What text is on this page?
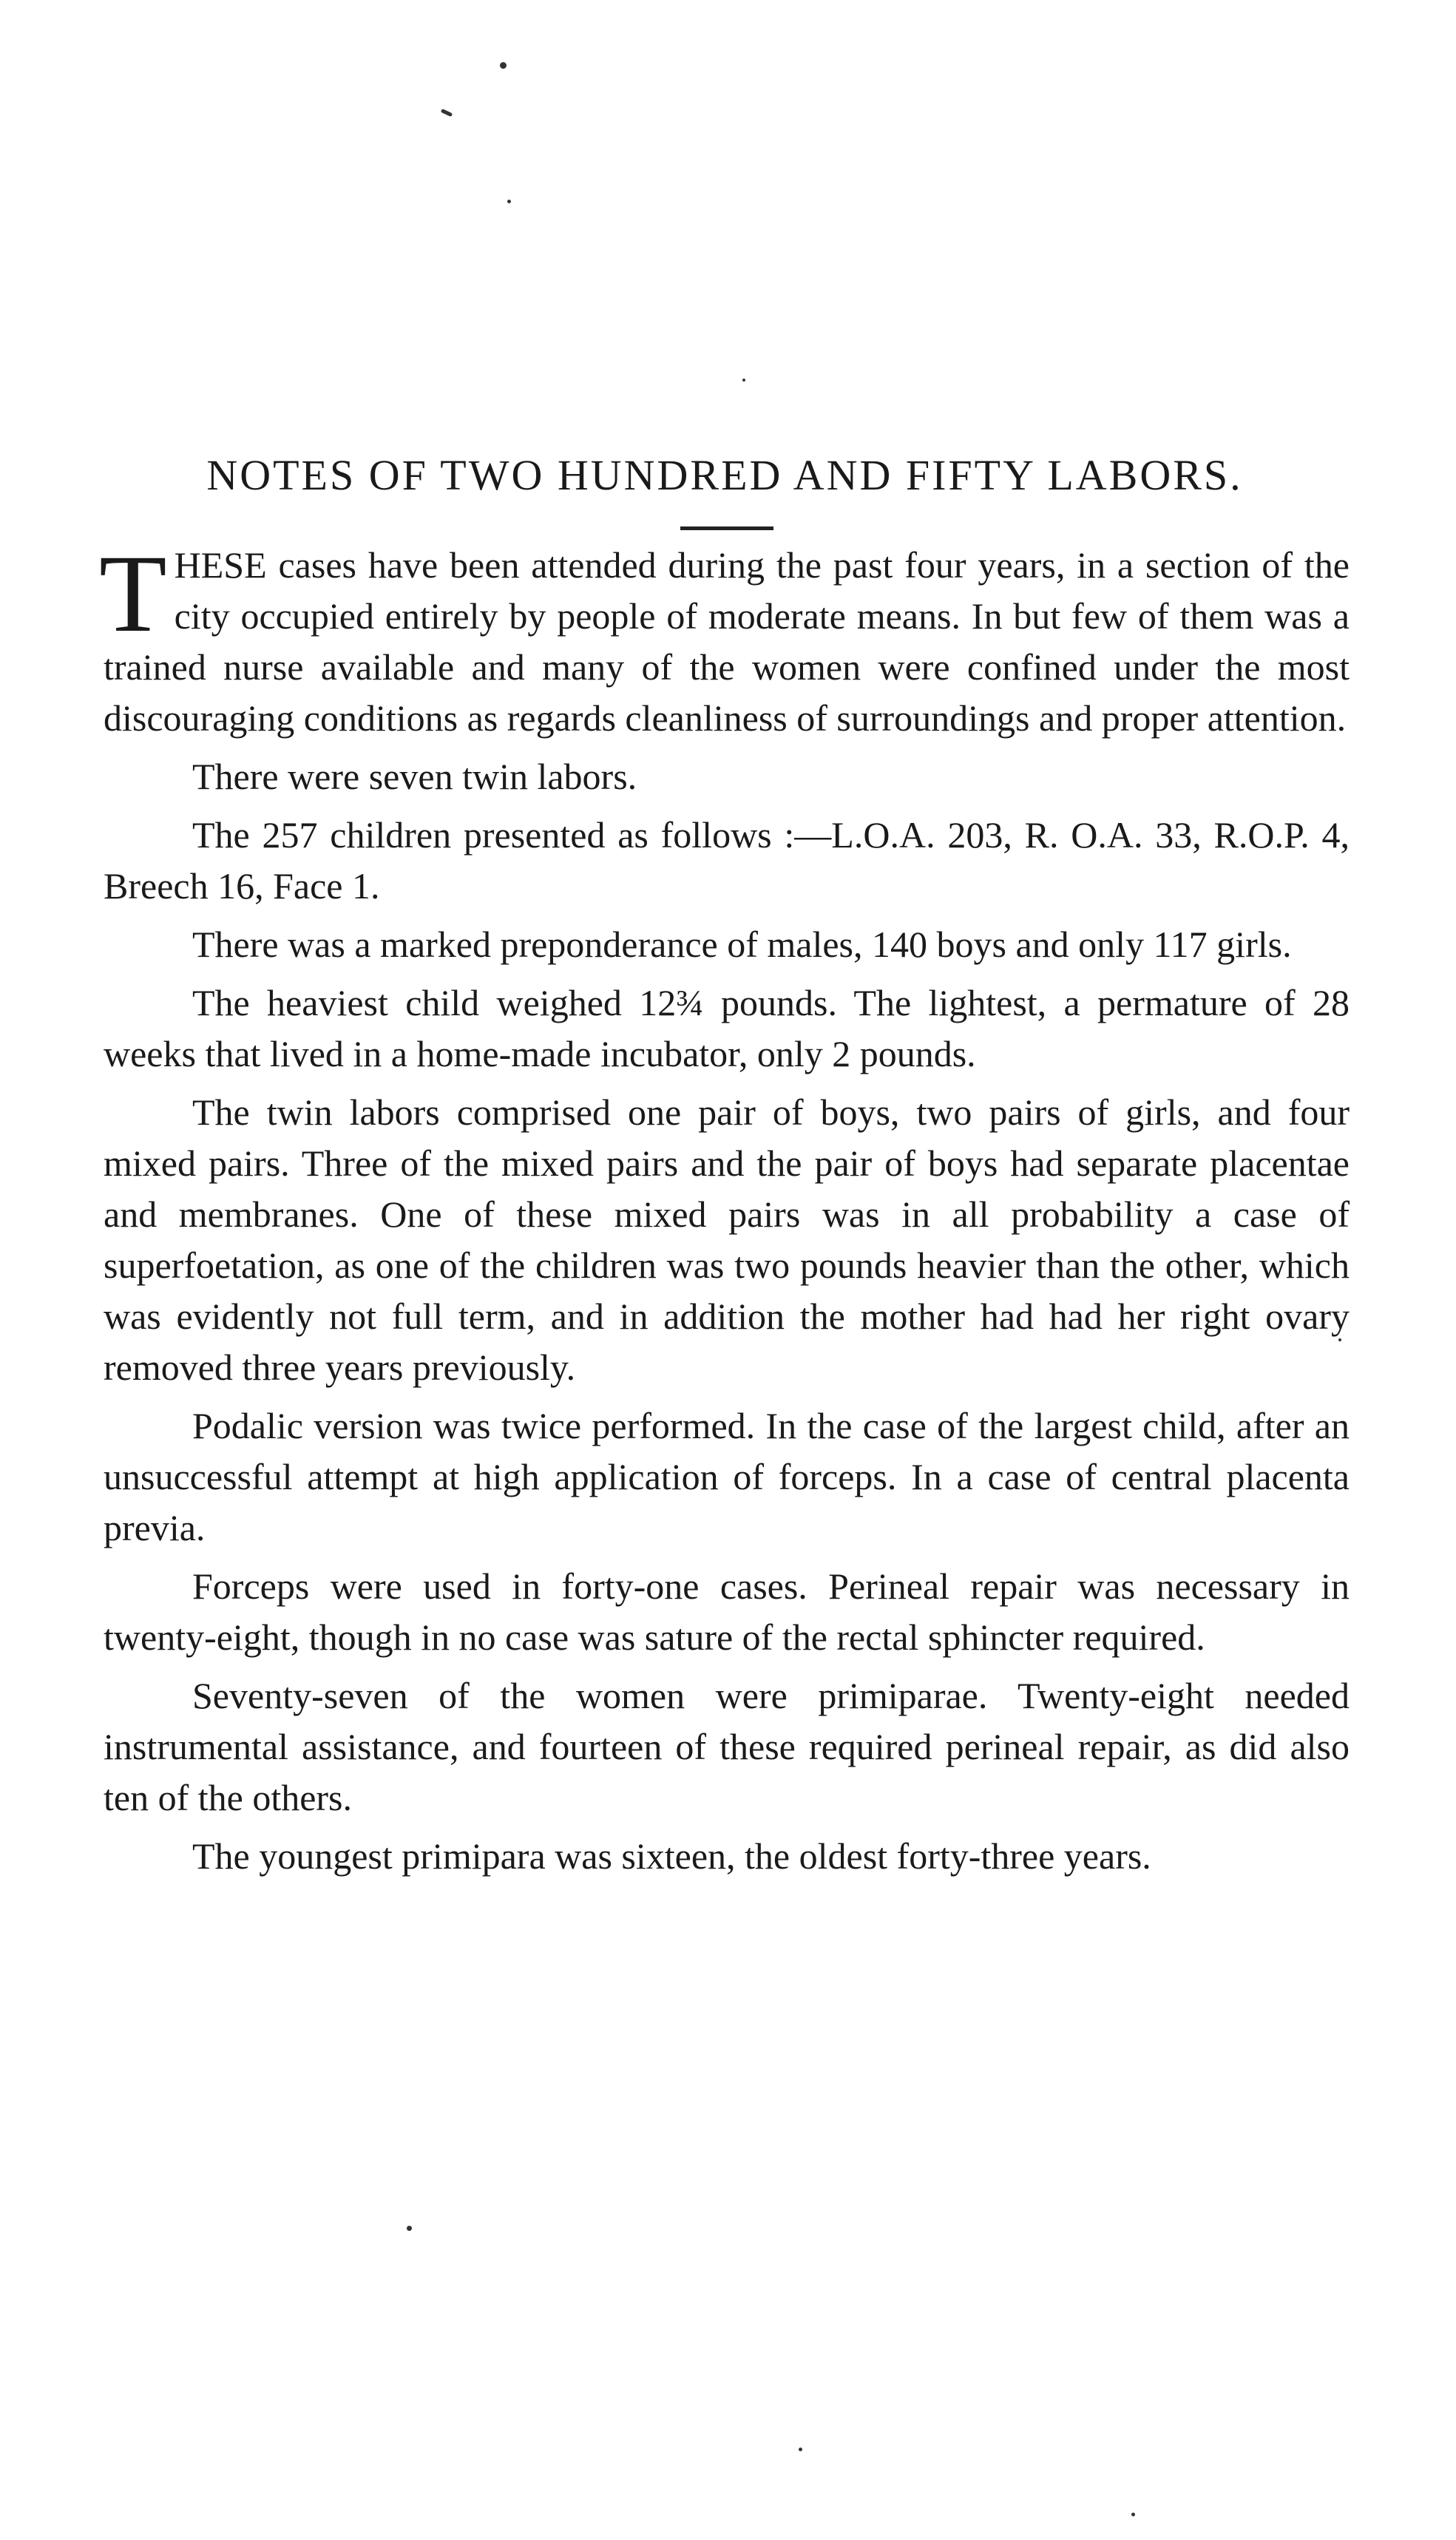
NOTES OF TWO HUNDRED AND FIFTY LABORS.

THESE cases have been attended during the past four years, in a section of the city occupied entirely by people of moderate means. In but few of them was a trained nurse available and many of the women were confined under the most discouraging conditions as regards cleanliness of surroundings and proper attention.

There were seven twin labors.

The 257 children presented as follows :—L.O.A. 203, R. O.A. 33, R.O.P. 4, Breech 16, Face 1.

There was a marked preponderance of males, 140 boys and only 117 girls.

The heaviest child weighed 12¾ pounds. The lightest, a permature of 28 weeks that lived in a home-made incubator, only 2 pounds.

The twin labors comprised one pair of boys, two pairs of girls, and four mixed pairs. Three of the mixed pairs and the pair of boys had separate placentae and membranes. One of these mixed pairs was in all probability a case of superfoetation, as one of the children was two pounds heavier than the other, which was evidently not full term, and in addition the mother had had her right ovary removed three years previously.

Podalic version was twice performed. In the case of the largest child, after an unsuccessful attempt at high application of forceps. In a case of central placenta previa.

Forceps were used in forty-one cases. Perineal repair was necessary in twenty-eight, though in no case was sature of the rectal sphincter required.

Seventy-seven of the women were primiparae. Twenty-eight needed instrumental assistance, and fourteen of these required perineal repair, as did also ten of the others.

The youngest primipara was sixteen, the oldest forty-three years.
